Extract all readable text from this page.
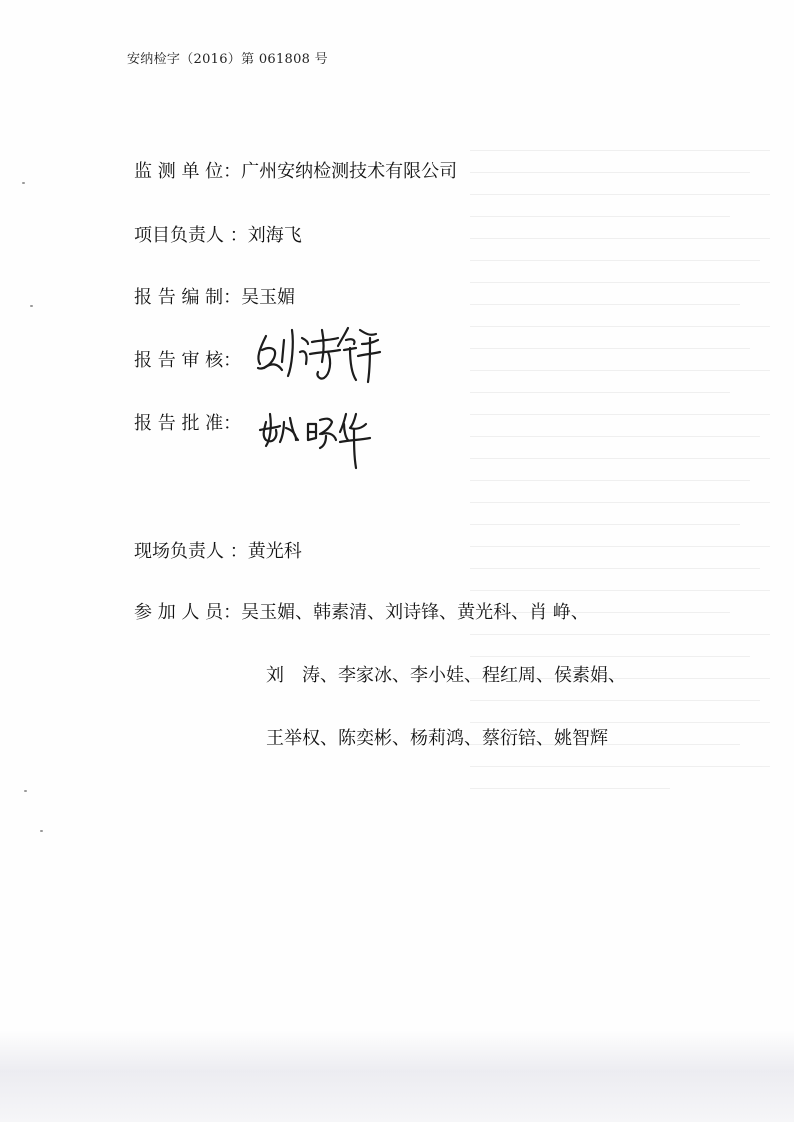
安纳检字（2016）第 061808 号
监 测 单 位：广州安纳检测技术有限公司
项目负责人 ：刘海飞
报 告 编 制：吴玉媚
报 告 审 核：
报 告 批 准：
现场负责人 ：黄光科
参 加 人 员：吴玉媚、韩素清、刘诗锋、黄光科、肖 峥、
刘　涛、李家冰、李小娃、程红周、侯素娟、
王举权、陈奕彬、杨莉鸿、蔡衍锫、姚智辉
